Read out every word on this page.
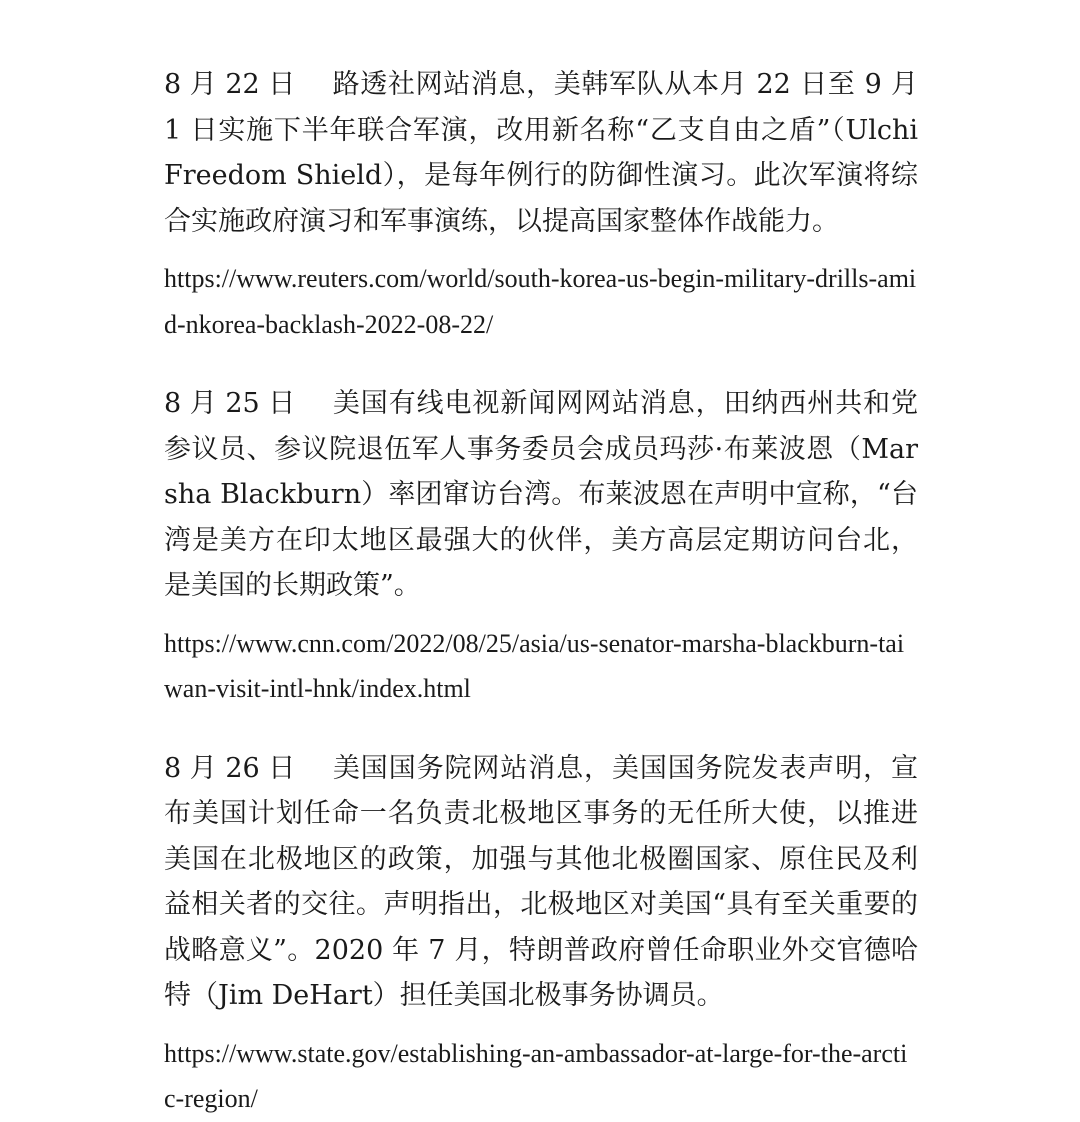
8 月 22 日 路透社网站消息，美韩军队从本月 22 日至 9 月 1 日实施下半年联合军演，改用新名称“乙支自由之盾”（Ulchi Freedom Shield），是每年例行的防御性演习。此次军演将综合实施政府演习和军事演练，以提高国家整体作战能力。

https://www.reuters.com/world/south-korea-us-begin-military-drills-amid-nkorea-backlash-2022-08-22/

8 月 25 日 美国有线电视新闻网网站消息，田纳西州共和党参议员、参议院退伍军人事务委员会成员玛莎·布莱波恩（Marsha Blackburn）率团窜访台湾。布莱波恩在声明中宣称，“台湾是美方在印太地区最强大的伙伴，美方高层定期访问台北，是美国的长期政策”。

https://www.cnn.com/2022/08/25/asia/us-senator-marsha-blackburn-taiwan-visit-intl-hnk/index.html

8 月 26 日 美国国务院网站消息，美国国务院发表声明，宣布美国计划任命一名负责北极地区事务的无任所大使，以推进美国在北极地区的政策，加强与其他北极圈国家、原住民及利益相关者的交往。声明指出，北极地区对美国“具有至关重要的战略意义”。2020 年 7 月，特朗普政府曾任命职业外交官德哈特（Jim DeHart）担任美国北极事务协调员。

https://www.state.gov/establishing-an-ambassador-at-large-for-the-arctic-region/
